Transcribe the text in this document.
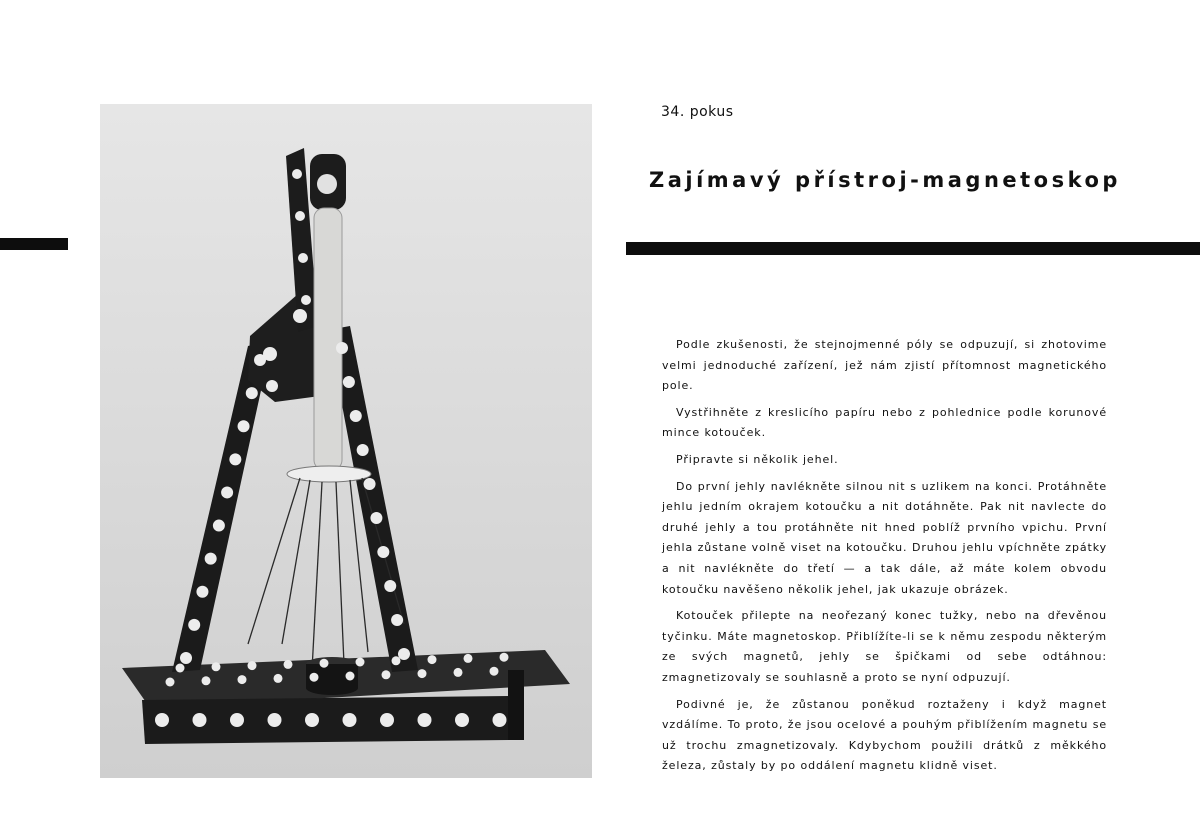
34. pokus
Zajímavý přístroj-magnetoskop

Podle zkušenosti, že stejnojmenné póly se odpuzují, si zhotovime velmi jednoduché zařízení, jež nám zjistí přítomnost magnetického pole.

Vystřihněte z kreslicího papíru nebo z pohlednice podle korunové mince kotouček.

Připravte si několik jehel.

Do první jehly navlékněte silnou nit s uzlikem na konci. Protáhněte jehlu jedním okrajem kotoučku a nit dotáhněte. Pak nit navlecte do druhé jehly a tou protáhněte nit hned poblíž prvního vpichu. První jehla zůstane volně viset na kotoučku. Druhou jehlu vpíchněte zpátky a nit navlékněte do třetí — a tak dále, až máte kolem obvodu kotoučku navěšeno několik jehel, jak ukazuje obrázek.

Kotouček přilepte na neořezaný konec tužky, nebo na dřevěnou tyčinku. Máte magnetoskop. Přiblížíte-li se k němu zespodu některým ze svých magnetů, jehly se špičkami od sebe odtáhnou: zmagnetizovaly se souhlasně a proto se nyní odpuzují.

Podivné je, že zůstanou poněkud roztaženy i když magnet vzdálíme. To proto, že jsou ocelové a pouhým přiblížením magnetu se už trochu zmagnetizovaly. Kdybychom použili drátků z měkkého železa, zůstaly by po oddálení magnetu klidně viset.
